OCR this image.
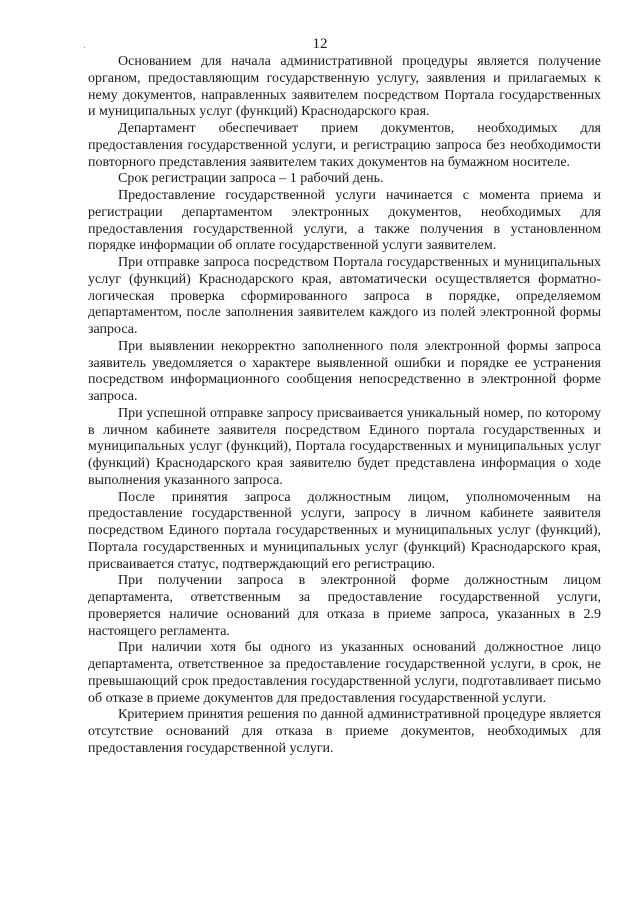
12

Основанием для начала административной процедуры является получение органом, предоставляющим государственную услугу, заявления и прилагаемых к нему документов, направленных заявителем посредством Портала государственных и муниципальных услуг (функций) Краснодарского края.

Департамент обеспечивает прием документов, необходимых для предоставления государственной услуги, и регистрацию запроса без необходимости повторного представления заявителем таких документов на бумажном носителе.

Срок регистрации запроса – 1 рабочий день.

Предоставление государственной услуги начинается с момента приема и регистрации департаментом электронных документов, необходимых для предоставления государственной услуги, а также получения в установленном порядке информации об оплате государственной услуги заявителем.

При отправке запроса посредством Портала государственных и муниципальных услуг (функций) Краснодарского края, автоматически осуществляется форматно-логическая проверка сформированного запроса в порядке, определяемом департаментом, после заполнения заявителем каждого из полей электронной формы запроса.

При выявлении некорректно заполненного поля электронной формы запроса заявитель уведомляется о характере выявленной ошибки и порядке ее устранения посредством информационного сообщения непосредственно в электронной форме запроса.

При успешной отправке запросу присваивается уникальный номер, по которому в личном кабинете заявителя посредством Единого портала государственных и муниципальных услуг (функций), Портала государственных и муниципальных услуг (функций) Краснодарского края заявителю будет представлена информация о ходе выполнения указанного запроса.

После принятия запроса должностным лицом, уполномоченным на предоставление государственной услуги, запросу в личном кабинете заявителя посредством Единого портала государственных и муниципальных услуг (функций), Портала государственных и муниципальных услуг (функций) Краснодарского края, присваивается статус, подтверждающий его регистрацию.

При получении запроса в электронной форме должностным лицом департамента, ответственным за предоставление государственной услуги, проверяется наличие оснований для отказа в приеме запроса, указанных в 2.9 настоящего регламента.

При наличии хотя бы одного из указанных оснований должностное лицо департамента, ответственное за предоставление государственной услуги, в срок, не превышающий срок предоставления государственной услуги, подготавливает письмо об отказе в приеме документов для предоставления государственной услуги.

Критерием принятия решения по данной административной процедуре является отсутствие оснований для отказа в приеме документов, необходимых для предоставления государственной услуги.
